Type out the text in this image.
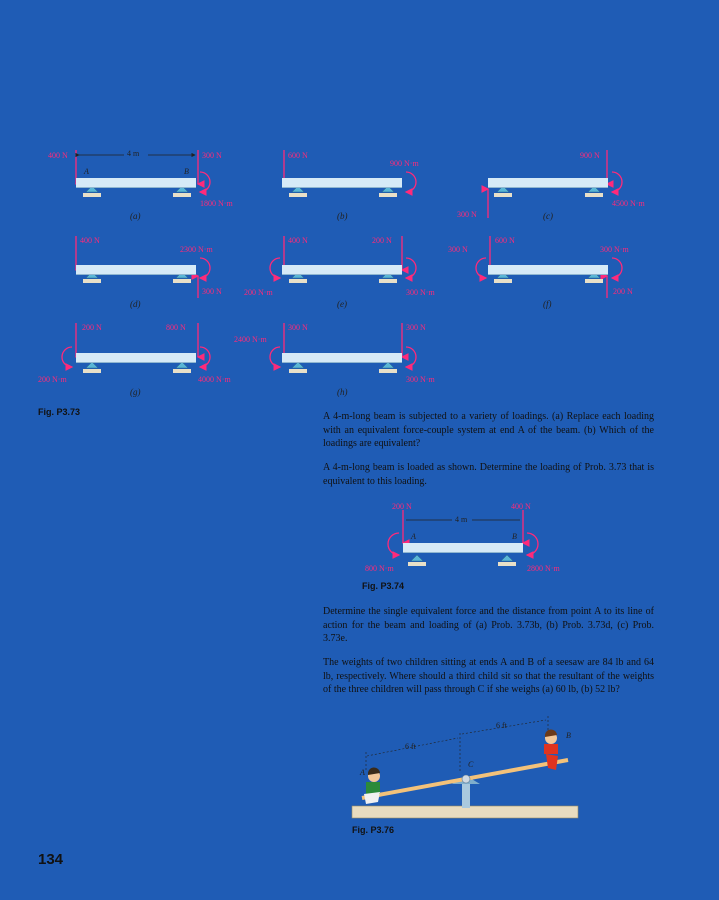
400 N	300 N
1800 N·m
4 m
A	B
(a)
600 N
900 N·m
(b)
900 N
300 N
4500 N·m
(c)
400 N
2300 N·m
300 N
(d)
400 N	200 N
200 N·m	300 N·m
(e)
300 N
600 N
300 N·m
200 N
(f)
200 N	800 N
200 N·m	4000 N·m
(g)
300 N	300 N
2400 N·m
300 N·m
(h)
Fig. P3.73	A 4-m-long beam is subjected to a variety of loadings. (a) Replace each loading with an equivalent force-couple system at end A of the beam. (b) Which of the loadings are equivalent?
A 4-m-long beam is loaded as shown. Determine the loading of Prob. 3.73 that is equivalent to this loading.
200 N	400 N
4 m
A	B
800 N·m	2800 N·m
Fig. P3.74
Determine the single equivalent force and the distance from point A to its line of action for the beam and loading of (a) Prob. 3.73b, (b) Prob. 3.73d, (c) Prob. 3.73e.
The weights of two children sitting at ends A and B of a seesaw are 84 lb and 64 lb, respectively. Where should a third child sit so that the resultant of the weights of the three children will pass through C if she weighs (a) 60 lb, (b) 52 lb?
6 ft
6 ft
A
B
C
Fig. P3.76
134
